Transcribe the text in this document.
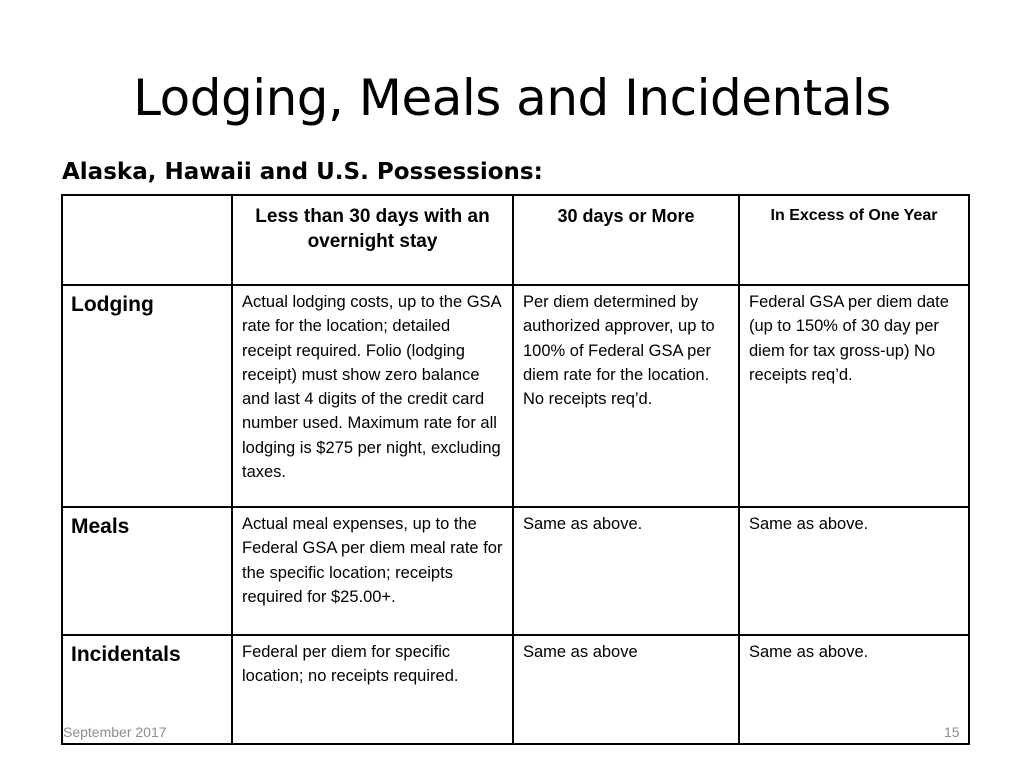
Lodging, Meals and Incidentals
Alaska, Hawaii and U.S. Possessions:
	Less than 30 days with an overnight stay	30 days or More	In Excess of One Year
Lodging	Actual lodging costs, up to the GSA rate for the location; detailed receipt required. Folio (lodging receipt) must show zero balance and last 4 digits of the credit card number used. Maximum rate for all lodging is $275 per night, excluding taxes.	Per diem determined by authorized approver, up to 100% of Federal GSA per diem rate for the location. No receipts req’d.	Federal GSA per diem date (up to 150% of 30 day per diem for tax gross-up) No receipts req’d.
Meals	Actual meal expenses, up to the Federal GSA per diem meal rate for the specific location; receipts required for $25.00+.	Same as above.	Same as above.
Incidentals	Federal per diem for specific location; no receipts required.	Same as above	Same as above.
September 2017	15
